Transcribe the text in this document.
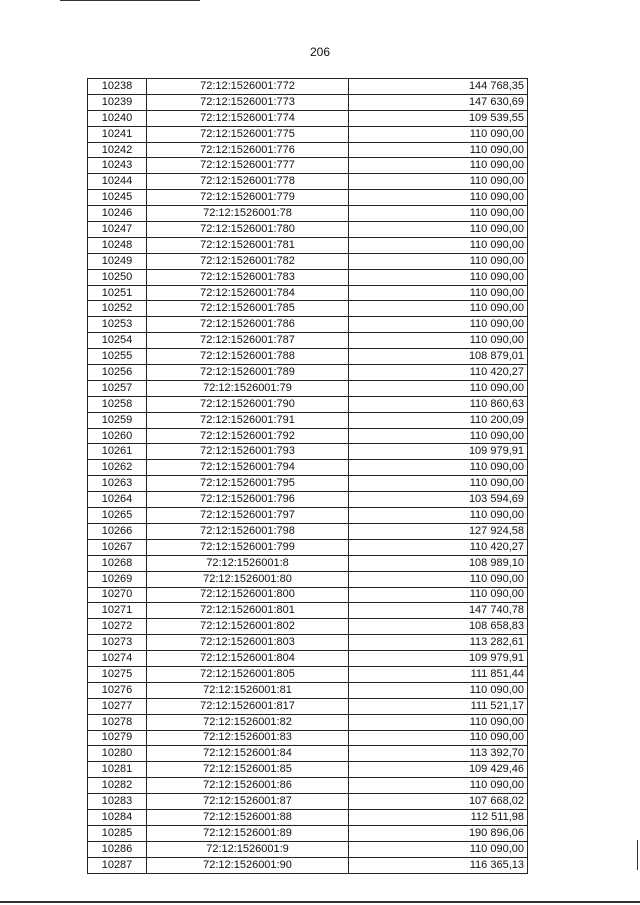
206
10238	72:12:1526001:772	144 768,35
10239	72:12:1526001:773	147 630,69
10240	72:12:1526001:774	109 539,55
10241	72:12:1526001:775	110 090,00
10242	72:12:1526001:776	110 090,00
10243	72:12:1526001:777	110 090,00
10244	72:12:1526001:778	110 090,00
10245	72:12:1526001:779	110 090,00
10246	72:12:1526001:78	110 090,00
10247	72:12:1526001:780	110 090,00
10248	72:12:1526001:781	110 090,00
10249	72:12:1526001:782	110 090,00
10250	72:12:1526001:783	110 090,00
10251	72:12:1526001:784	110 090,00
10252	72:12:1526001:785	110 090,00
10253	72:12:1526001:786	110 090,00
10254	72:12:1526001:787	110 090,00
10255	72:12:1526001:788	108 879,01
10256	72:12:1526001:789	110 420,27
10257	72:12:1526001:79	110 090,00
10258	72:12:1526001:790	110 860,63
10259	72:12:1526001:791	110 200,09
10260	72:12:1526001:792	110 090,00
10261	72:12:1526001:793	109 979,91
10262	72:12:1526001:794	110 090,00
10263	72:12:1526001:795	110 090,00
10264	72:12:1526001:796	103 594,69
10265	72:12:1526001:797	110 090,00
10266	72:12:1526001:798	127 924,58
10267	72:12:1526001:799	110 420,27
10268	72:12:1526001:8	108 989,10
10269	72:12:1526001:80	110 090,00
10270	72:12:1526001:800	110 090,00
10271	72:12:1526001:801	147 740,78
10272	72:12:1526001:802	108 658,83
10273	72:12:1526001:803	113 282,61
10274	72:12:1526001:804	109 979,91
10275	72:12:1526001:805	111 851,44
10276	72:12:1526001:81	110 090,00
10277	72:12:1526001:817	111 521,17
10278	72:12:1526001:82	110 090,00
10279	72:12:1526001:83	110 090,00
10280	72:12:1526001:84	113 392,70
10281	72:12:1526001:85	109 429,46
10282	72:12:1526001:86	110 090,00
10283	72:12:1526001:87	107 668,02
10284	72:12:1526001:88	112 511,98
10285	72:12:1526001:89	190 896,06
10286	72:12:1526001:9	110 090,00
10287	72:12:1526001:90	116 365,13
